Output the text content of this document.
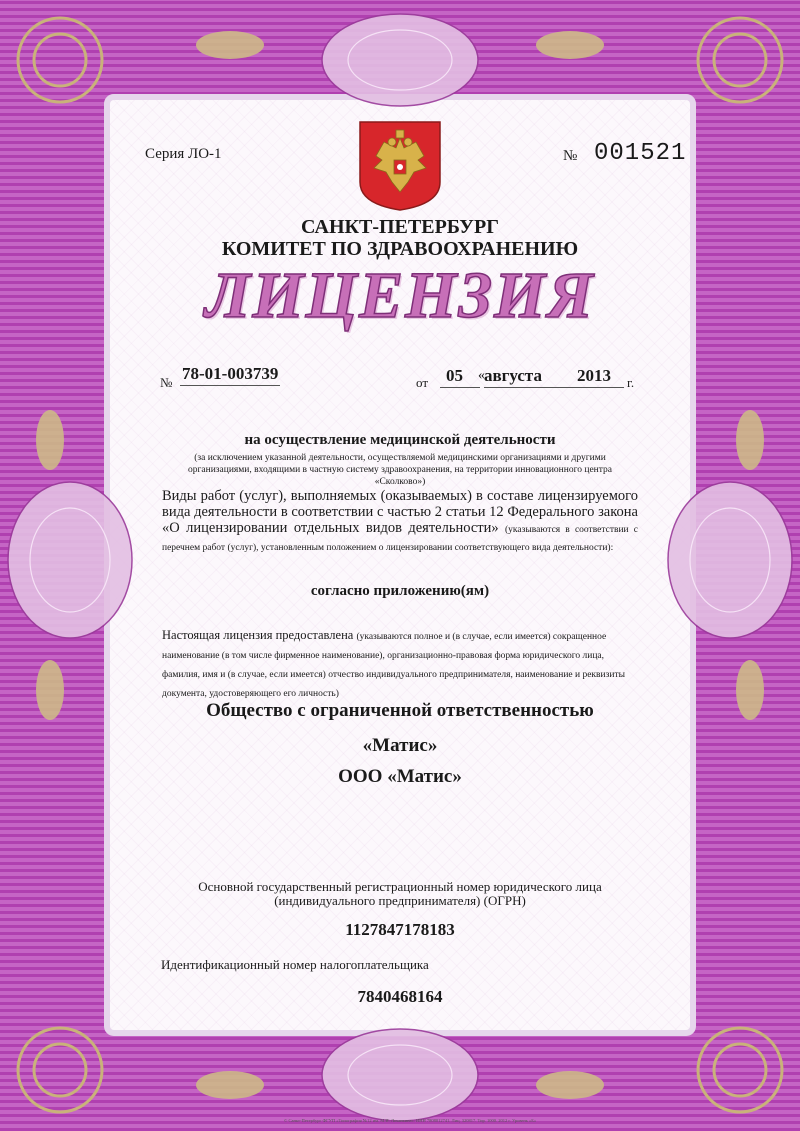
Серия ЛО-1	№ 001521
САНКТ-ПЕТЕРБУРГ
КОМИТЕТ ПО ЗДРАВООХРАНЕНИЮ
ЛИЦЕНЗИЯ
№ 78-01-003739	от 05 « августа 2013 г.
на осуществление медицинской деятельности
(за исключением указанной деятельности, осуществляемой медицинскими организациями и другими организациями, входящими в частную систему здравоохранения, на территории инновационного центра «Сколково»)
Виды работ (услуг), выполняемых (оказываемых) в составе лицензируемого вида деятельности в соответствии с частью 2 статьи 12 Федерального закона «О лицензировании отдельных видов деятельности» (указываются в соответствии с перечнем работ (услуг), установленным положением о лицензировании соответствующего вида деятельности):
согласно приложению(ям)
Настоящая лицензия предоставлена (указываются полное и (в случае, если имеется) сокращенное наименование (в том числе фирменное наименование), организационно-правовая форма юридического лица, фамилия, имя и (в случае, если имеется) отчество индивидуального предпринимателя, наименование и реквизиты документа, удостоверяющего его личность)
Общество с ограниченной ответственностью
«Матис»
ООО «Матис»
Основной государственный регистрационный номер юридического лица (индивидуального предпринимателя) (ОГРН)
1127847178183
Идентификационный номер налогоплательщика
7840468164
© Санкт-Петербург ФГУП «Типография №12 им. М.И. Лоханкина». ИНН 7808012741. Лиц. 320817. Тир. 1000. 2012 г. Уровень «Б»
